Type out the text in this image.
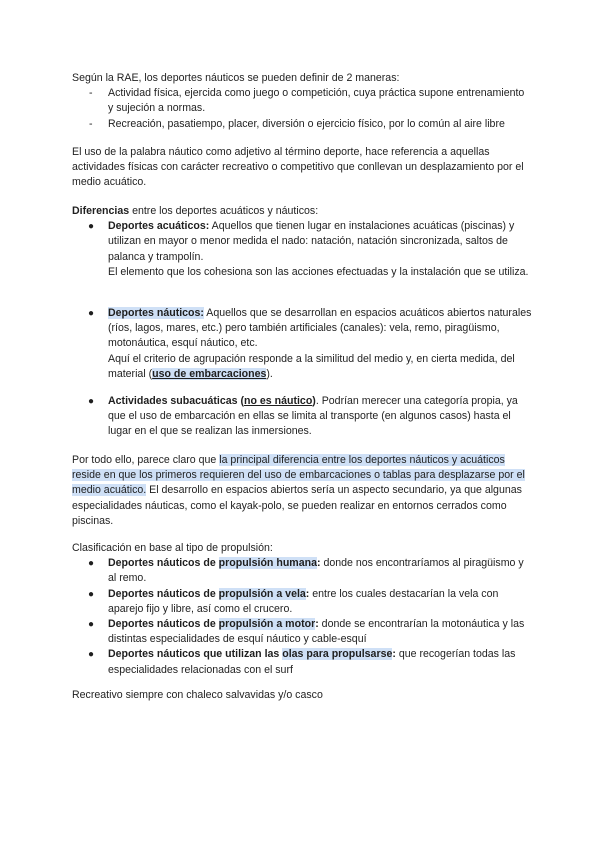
Según la RAE, los deportes náuticos se pueden definir de 2 maneras:

- Actividad física, ejercida como juego o competición, cuya práctica supone entrenamiento y sujeción a normas.
- Recreación, pasatiempo, placer, diversión o ejercicio físico, por lo común al aire libre

El uso de la palabra náutico como adjetivo al término deporte, hace referencia a aquellas actividades físicas con carácter recreativo o competitivo que conllevan un desplazamiento por el medio acuático.

Diferencias entre los deportes acuáticos y náuticos:

● Deportes acuáticos: Aquellos que tienen lugar en instalaciones acuáticas (piscinas) y utilizan en mayor o menor medida el nado: natación, natación sincronizada, saltos de palanca y trampolín.
El elemento que los cohesiona son las acciones efectuadas y la instalación que se utiliza.
● Deportes náuticos: Aquellos que se desarrollan en espacios acuáticos abiertos naturales (ríos, lagos, mares, etc.) pero también artificiales (canales): vela, remo, piragüismo, motonáutica, esquí náutico, etc.
Aquí el criterio de agrupación responde a la similitud del medio y, en cierta medida, del material (uso de embarcaciones).
● Actividades subacuáticas (no es náutico). Podrían merecer una categoría propia, ya que el uso de embarcación en ellas se limita al transporte (en algunos casos) hasta el lugar en el que se realizan las inmersiones.

Por todo ello, parece claro que la principal diferencia entre los deportes náuticos y acuáticos reside en que los primeros requieren del uso de embarcaciones o tablas para desplazarse por el medio acuático. El desarrollo en espacios abiertos sería un aspecto secundario, ya que algunas especialidades náuticas, como el kayak-polo, se pueden realizar en entornos cerrados como piscinas.

Clasificación en base al tipo de propulsión:

● Deportes náuticos de propulsión humana: donde nos encontraríamos al piragüismo y al remo.
● Deportes náuticos de propulsión a vela: entre los cuales destacarían la vela con aparejo fijo y libre, así como el crucero.
● Deportes náuticos de propulsión a motor: donde se encontrarían la motonáutica y las distintas especialidades de esquí náutico y cable-esquí
● Deportes náuticos que utilizan las olas para propulsarse: que recogerían todas las especialidades relacionadas con el surf

Recreativo siempre con chaleco salvavidas y/o casco
